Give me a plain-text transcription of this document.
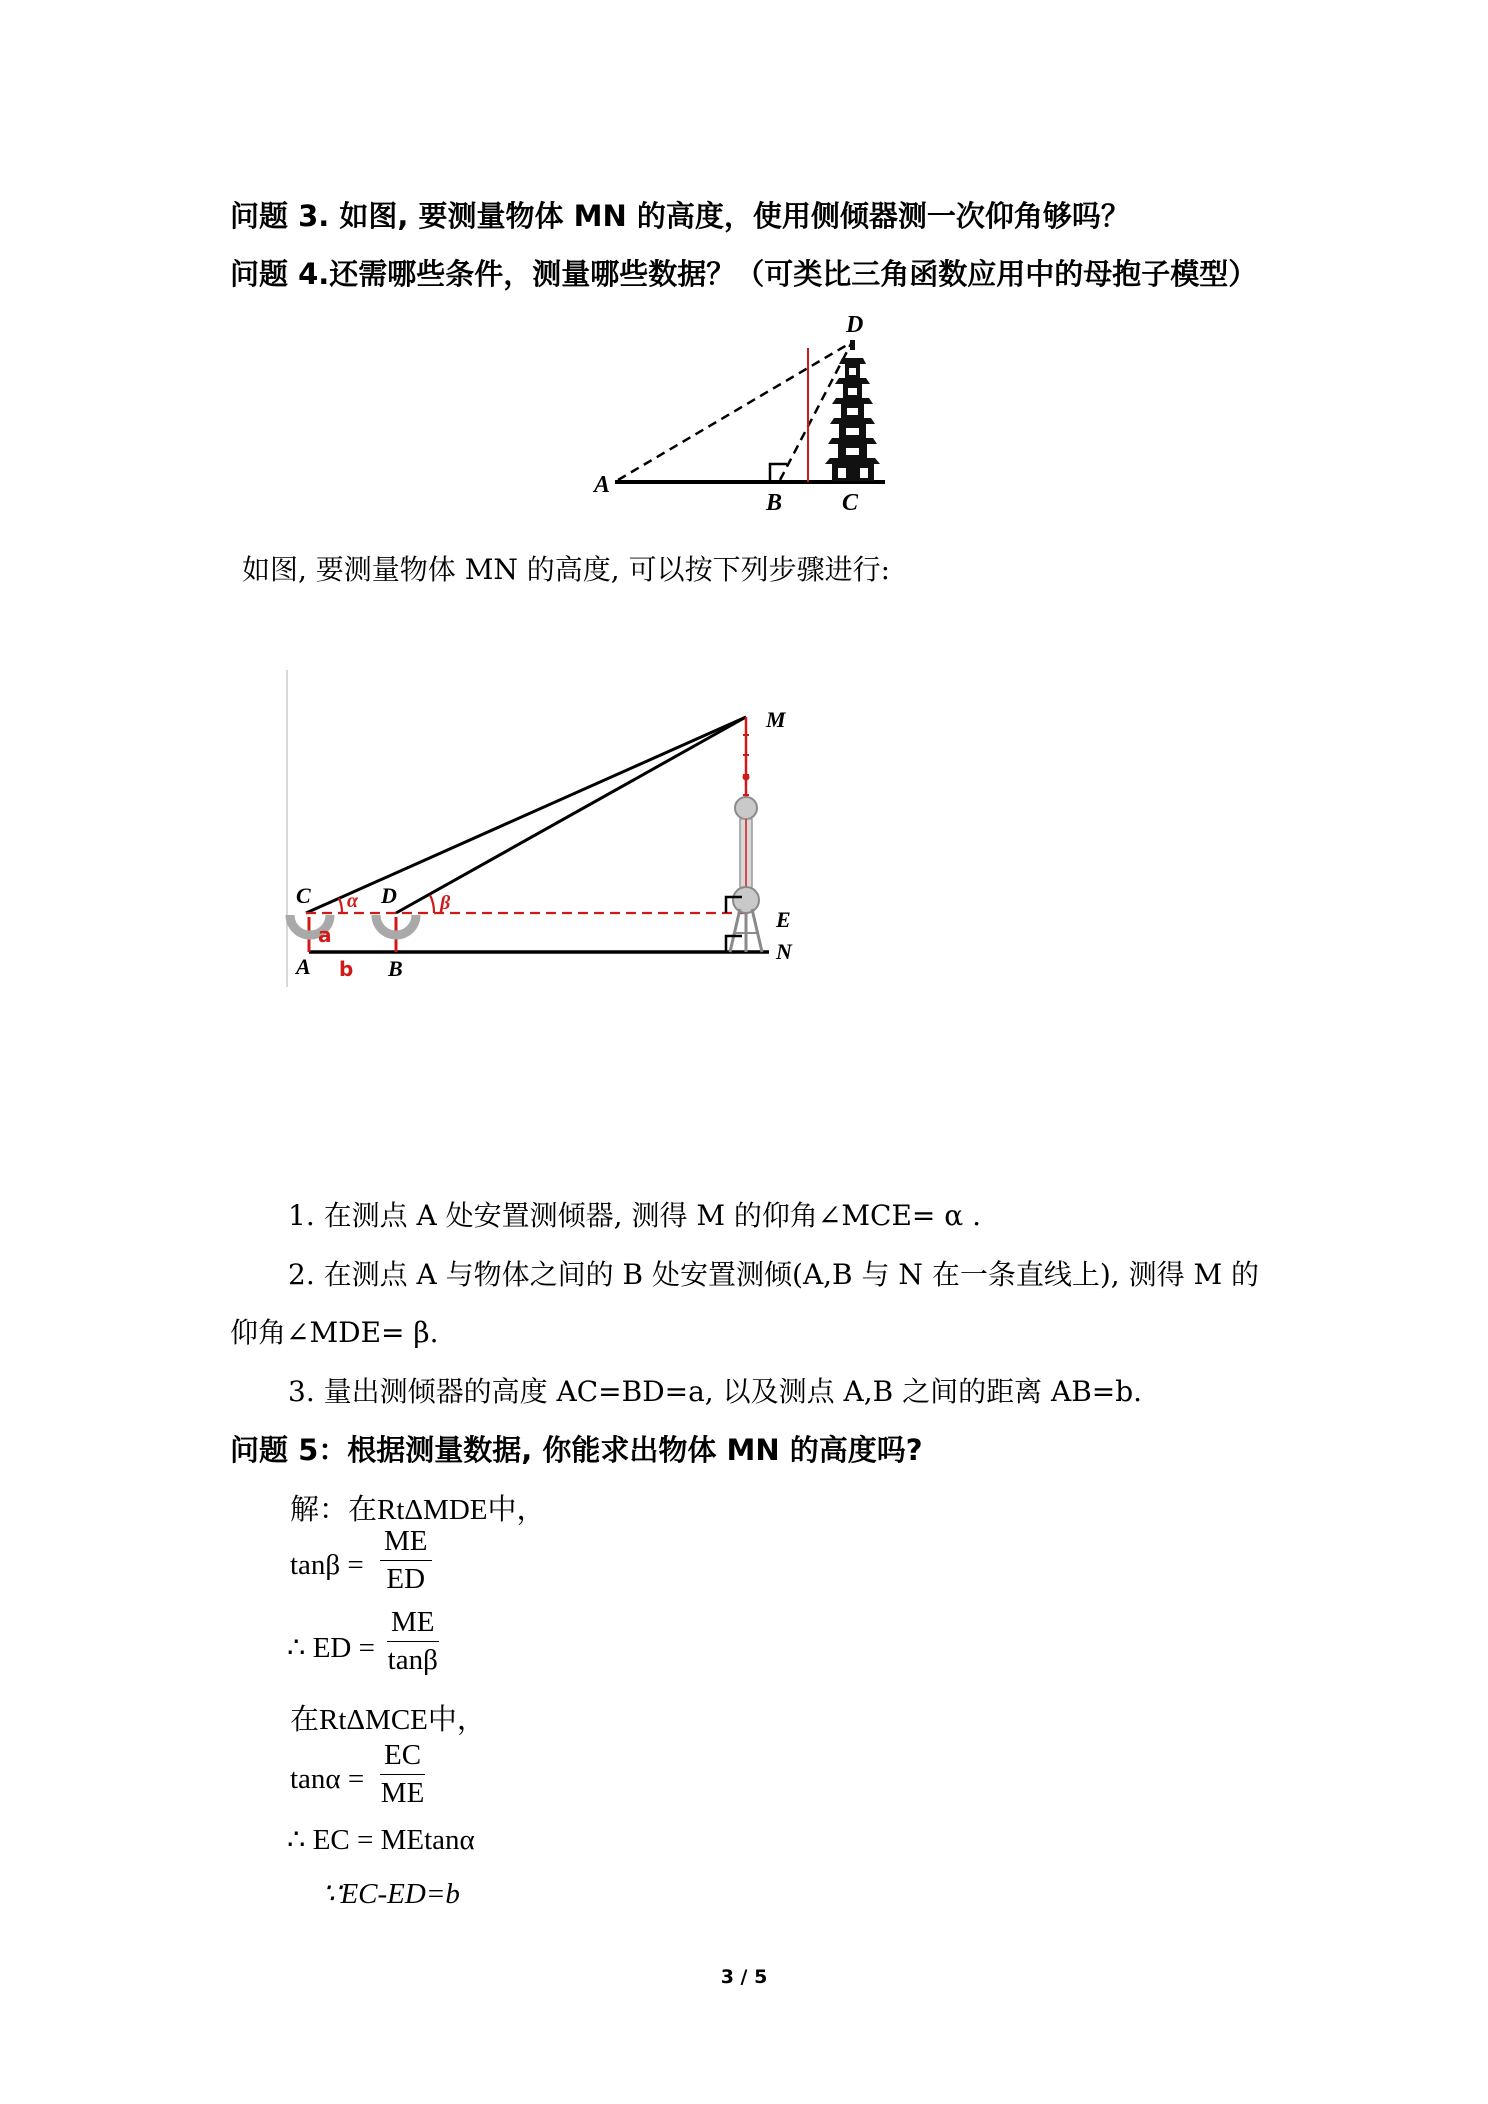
问题 3. 如图, 要测量物体 MN 的高度，使用侧倾器测一次仰角够吗？
问题 4.还需哪些条件，测量哪些数据？（可类比三角函数应用中的母抱子模型）
D
A
B C
如图, 要测量物体 MN 的高度, 可以按下列步骤进行:
M
C α D β
E
a
A b B
N
1. 在测点 A 处安置测倾器, 测得 M 的仰角∠MCE= α .
2. 在测点 A 与物体之间的 B 处安置测倾(A,B 与 N 在一条直线上), 测得 M 的
仰角∠MDE= β.
3. 量出测倾器的高度 AC=BD=a, 以及测点 A,B 之间的距离 AB=b.
问题 5：根据测量数据, 你能求出物体 MN 的高度吗?
解：在RtΔMDE中，
$\tan\beta = \frac{ME}{ED}$
∴ ED = $\frac{ME}{\tan\beta}$
在RtΔMCE中，
$\tan\alpha = \frac{EC}{ME}$
∴ EC = MEtanα
∵EC-ED=b
3 / 5
